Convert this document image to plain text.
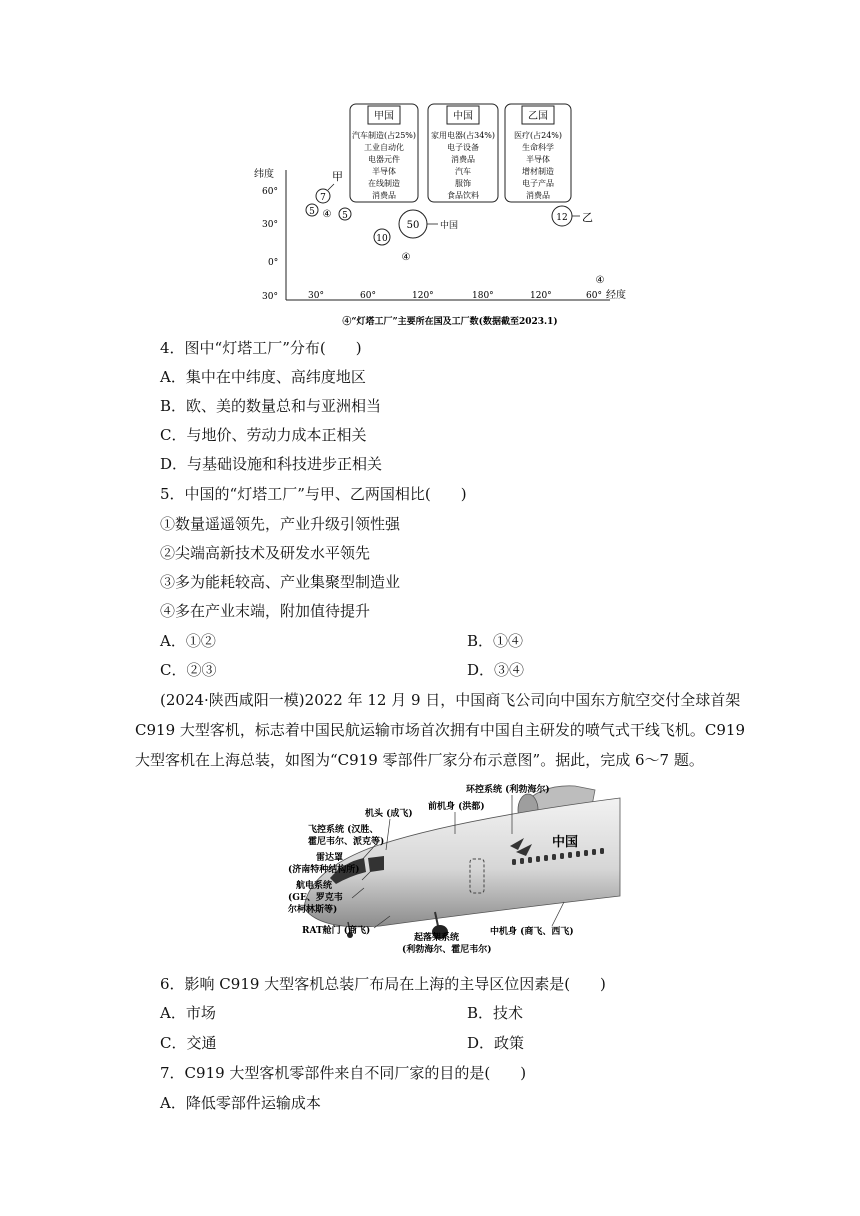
甲国
汽车制造(占25%)
工业自动化
电器元件
半导体
在线制造
消费品
中国
家用电器(占34%)
电子设备
消费品
汽车
服饰
食品饮料
乙国
医疗(占24%)
生命科学
半导体
增材制造
电子产品
消费品
纬度
60°
30°
0°
30°	30°	60°	120°	180°	120°	60° 经度
7
甲
5 ④ 5
10
50 中国
④
12 乙
④
④“灯塔工厂”主要所在国及工厂数(数据截至2023.1)
4．图中“灯塔工厂”分布(　　)
A．集中在中纬度、高纬度地区
B．欧、美的数量总和与亚洲相当
C．与地价、劳动力成本正相关
D．与基础设施和科技进步正相关
5．中国的“灯塔工厂”与甲、乙两国相比(　　)
①数量遥遥领先，产业升级引领性强
②尖端高新技术及研发水平领先
③多为能耗较高、产业集聚型制造业
④多在产业末端，附加值待提升
A．①②	B．①④
C．②③	D．③④
(2024·陕西咸阳一模)2022 年 12 月 9 日，中国商飞公司向中国东方航空交付全球首架
C919 大型客机，标志着中国民航运输市场首次拥有中国自主研发的喷气式干线飞机。C919
大型客机在上海总装，如图为“C919 零部件厂家分布示意图”。据此，完成 6～7 题。
中国
环控系统 (利勃海尔)
前机身 (洪都)
机头 (成飞)
飞控系统 (汉胜、
霍尼韦尔、派克等)
雷达罩
(济南特种结构所)
航电系统
(GE、罗克韦
尔柯林斯等)
RAT舱门 (商飞)
起落架系统
(利勃海尔、霍尼韦尔)
中机身 (商飞、西飞)
6．影响 C919 大型客机总装厂布局在上海的主导区位因素是(　　)
A．市场	B．技术
C．交通	D．政策
7．C919 大型客机零部件来自不同厂家的目的是(　　)
A．降低零部件运输成本
